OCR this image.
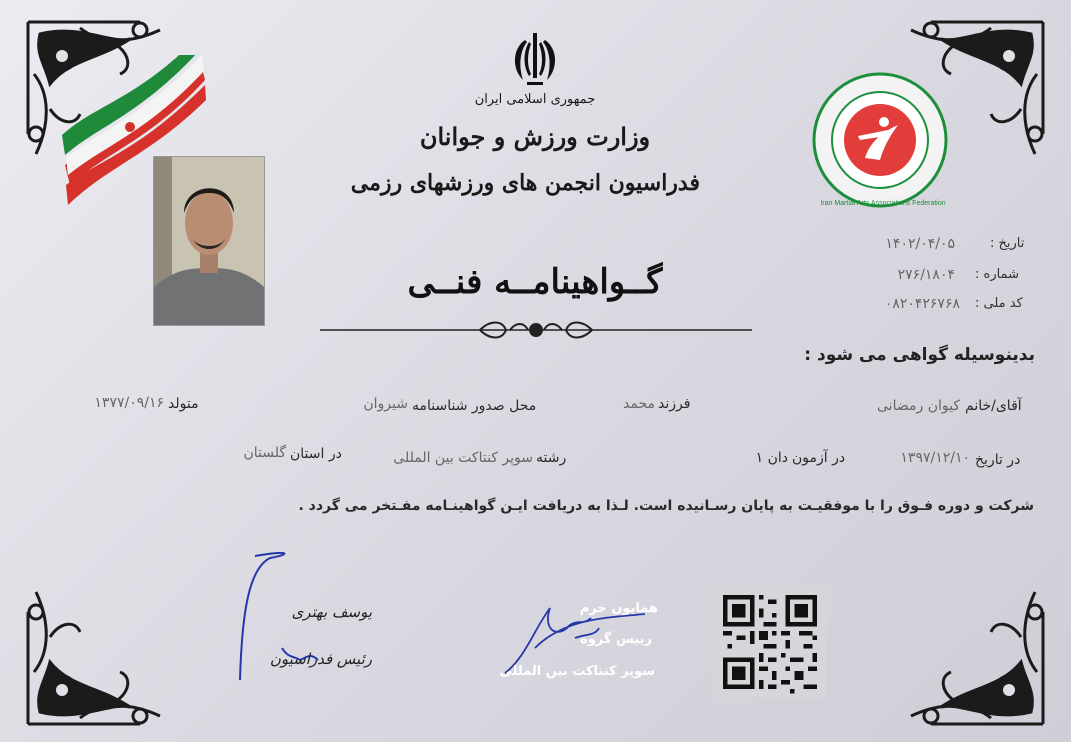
جمهوری اسلامی ایران
وزارت ورزش و جوانان
فدراسیون انجمن های ورزشهای رزمی
Iran Martial Arts Associations Federation
تاریخ :
۱۴۰۲/۰۴/۰۵
شماره :
۲۷۶/۱۸۰۴
کد ملی :
۰۸۲۰۴۲۶۷۶۸
گــواهینامــه فنــی
بدینوسیله گواهی می شود :
آقای/خانم
کیوان رمضانی
فرزند
محمد
محل صدور شناسنامه
شیروان
متولد
۱۳۷۷/۰۹/۱۶
در تاریخ
۱۳۹۷/۱۲/۱۰
در آزمون
دان ۱
رشته
سوپر کنتاکت بین المللی
در استان
گلستان
شرکت و دوره فـوق را با موفقیـت به پایان رسـانیده است. لـذا به دریافت ایـن گواهینـامه مفـتخر می گردد .
یوسف بهتری
رئیس فدراسیون
همایون خرم
رییس گروه
سوپر کنتاکت بین المللی
